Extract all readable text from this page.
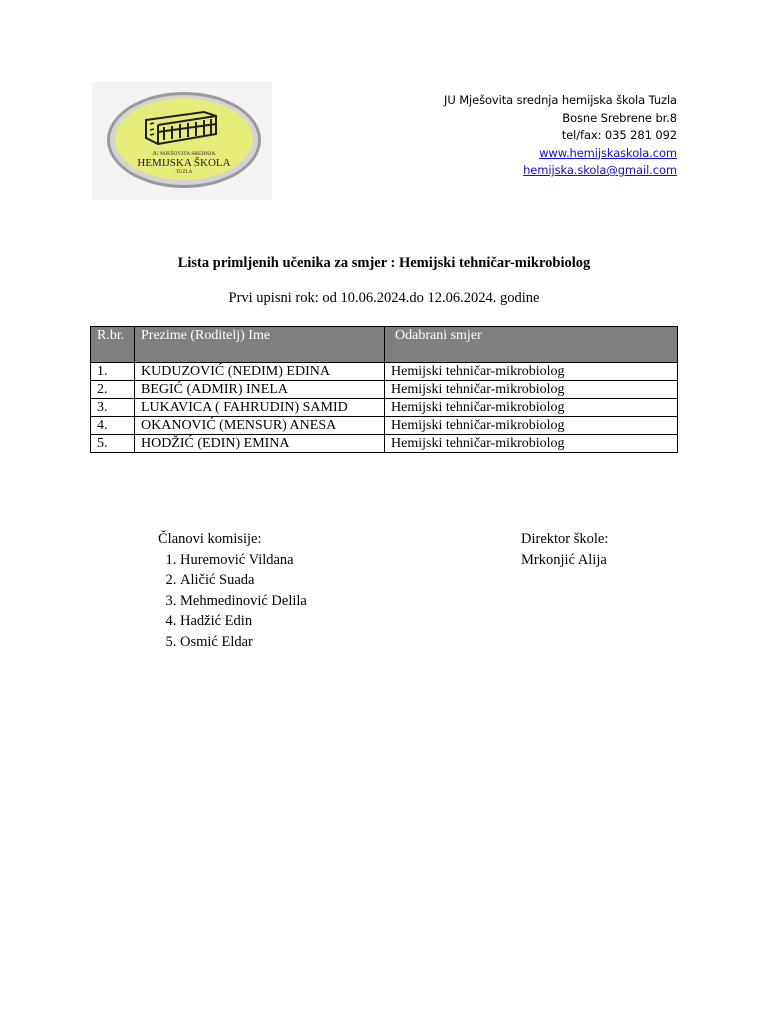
JU MJEŠOVITA SREDNJA
HEMIJSKA ŠKOLA
TUZLA
JU Mješovita srednja hemijska škola Tuzla
Bosne Srebrene br.8
tel/fax: 035 281 092
www.hemijskaskola.com
hemijska.skola@gmail.com
Lista primljenih učenika za smjer : Hemijski tehničar-mikrobiolog
Prvi upisni rok: od 10.06.2024.do 12.06.2024. godine
R.br.	Prezime (Roditelj) Ime	Odabrani smjer
1.	KUDUZOVIĆ (NEDIM) EDINA	Hemijski tehničar-mikrobiolog
2.	BEGIĆ (ADMIR) INELA	Hemijski tehničar-mikrobiolog
3.	LUKAVICA ( FAHRUDIN) SAMID	Hemijski tehničar-mikrobiolog
4.	OKANOVIĆ (MENSUR) ANESA	Hemijski tehničar-mikrobiolog
5.	HODŽIĆ (EDIN) EMINA	Hemijski tehničar-mikrobiolog
Članovi komisije:
1. Huremović Vildana
2. Aličić Suada
3. Mehmedinović Delila
4. Hadžić Edin
5. Osmić Eldar
Direktor škole:
Mrkonjić Alija
